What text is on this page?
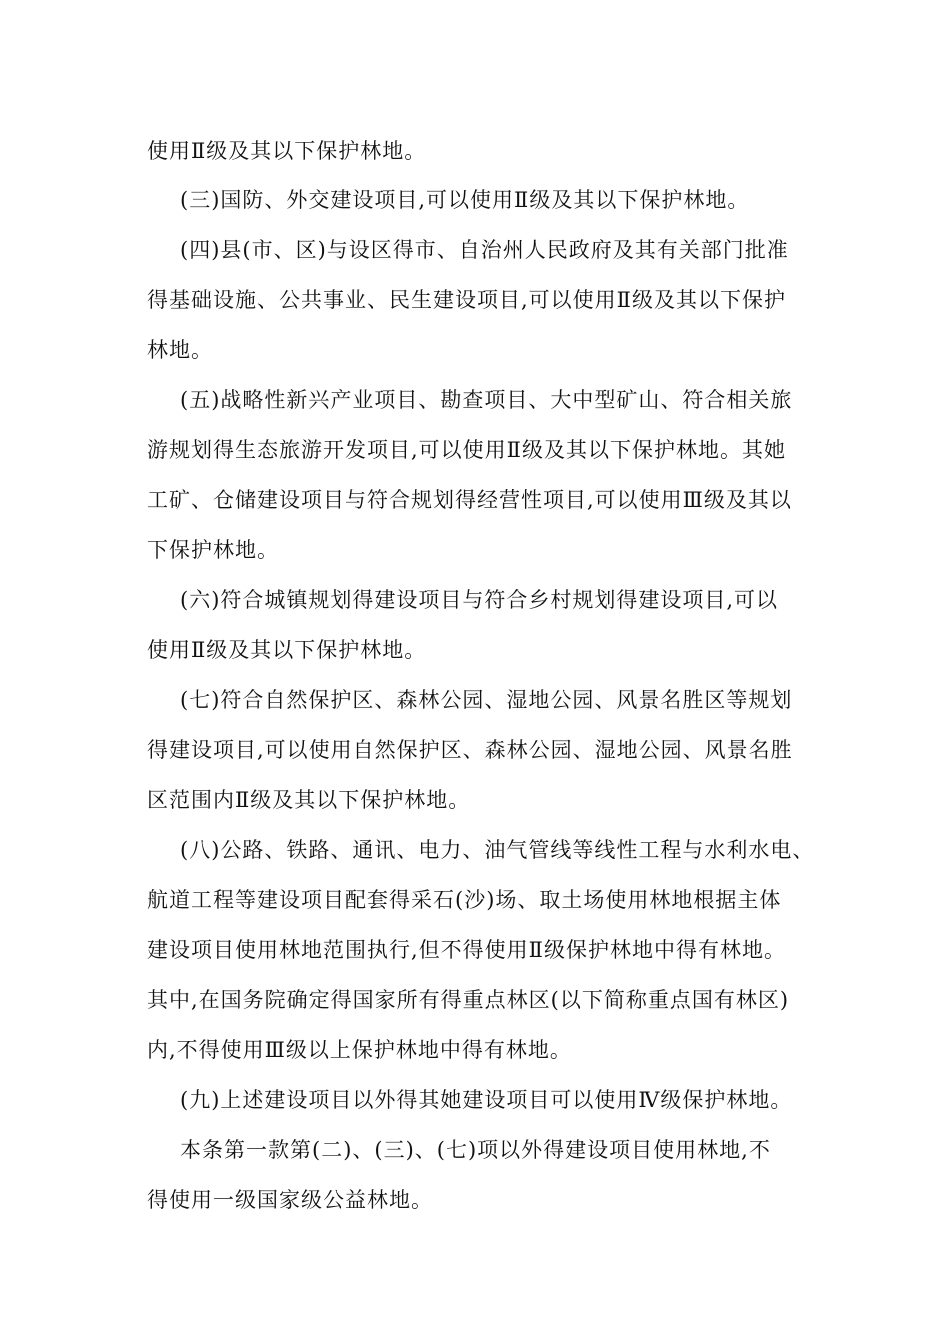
使用Ⅱ级及其以下保护林地。
(三)国防、外交建设项目,可以使用Ⅱ级及其以下保护林地。
(四)县(市、区)与设区得市、自治州人民政府及其有关部门批准
得基础设施、公共事业、民生建设项目,可以使用Ⅱ级及其以下保护
林地。
(五)战略性新兴产业项目、勘查项目、大中型矿山、符合相关旅
游规划得生态旅游开发项目,可以使用Ⅱ级及其以下保护林地。其她
工矿、仓储建设项目与符合规划得经营性项目,可以使用Ⅲ级及其以
下保护林地。
(六)符合城镇规划得建设项目与符合乡村规划得建设项目,可以
使用Ⅱ级及其以下保护林地。
(七)符合自然保护区、森林公园、湿地公园、风景名胜区等规划
得建设项目,可以使用自然保护区、森林公园、湿地公园、风景名胜
区范围内Ⅱ级及其以下保护林地。
(八)公路、铁路、通讯、电力、油气管线等线性工程与水利水电、
航道工程等建设项目配套得采石(沙)场、取土场使用林地根据主体
建设项目使用林地范围执行,但不得使用Ⅱ级保护林地中得有林地。
其中,在国务院确定得国家所有得重点林区(以下简称重点国有林区)
内,不得使用Ⅲ级以上保护林地中得有林地。
(九)上述建设项目以外得其她建设项目可以使用Ⅳ级保护林地。
本条第一款第(二)、(三)、(七)项以外得建设项目使用林地,不
得使用一级国家级公益林地。
